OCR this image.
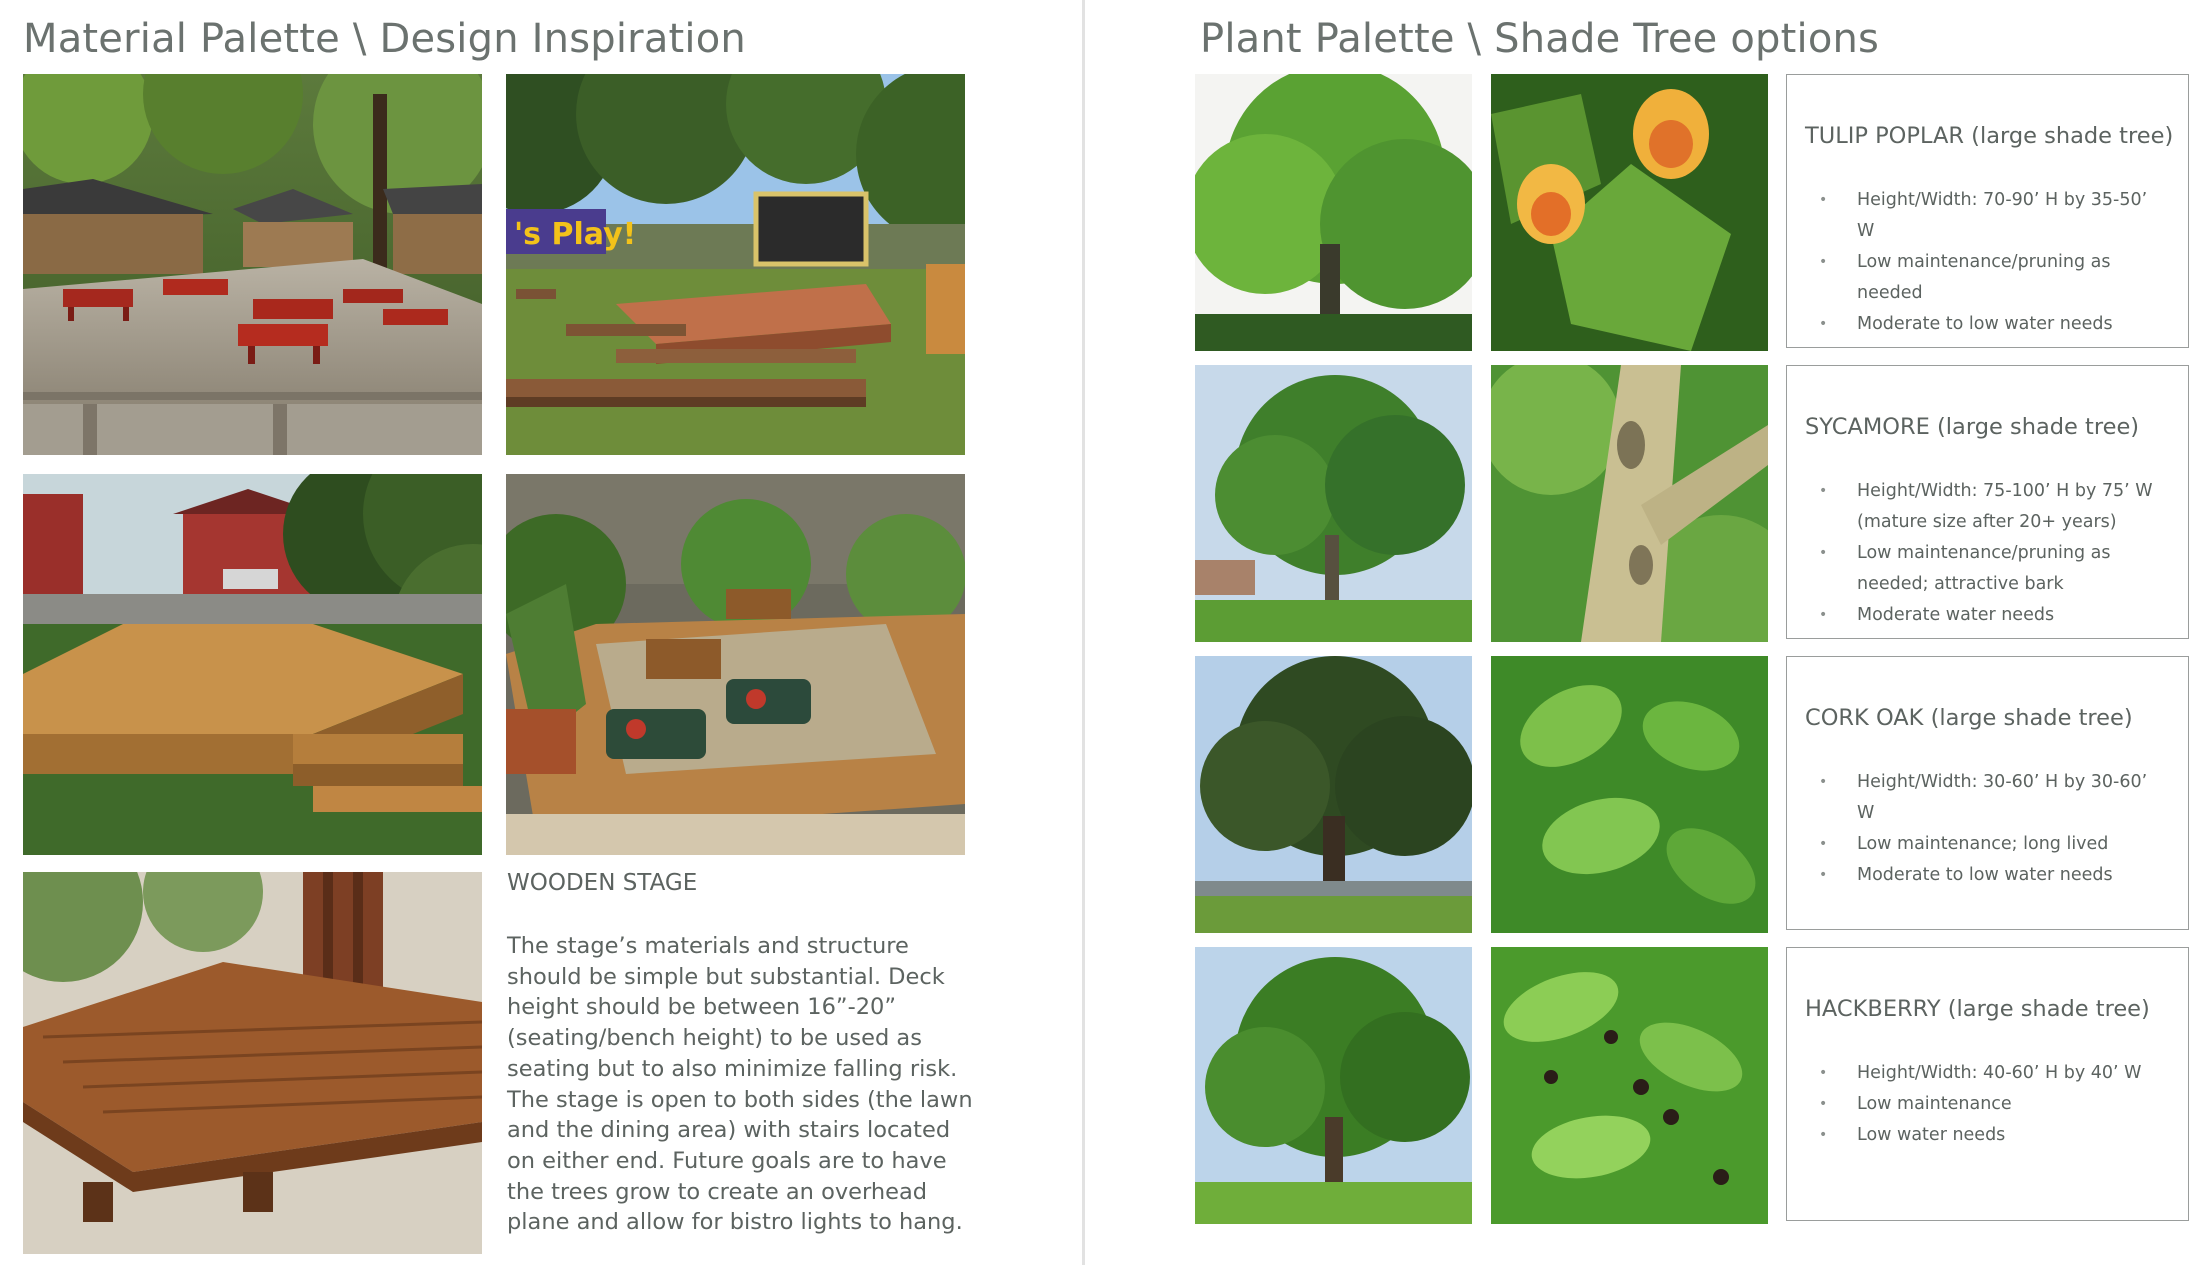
Material Palette \ Design Inspiration	Plant Palette \ Shade Tree options
's Play!
WOODEN STAGE

The stage’s materials and structure should be simple but substantial. Deck height should be between 16”-20” (seating/bench height) to be used as seating but to also minimize falling risk. The stage is open to both sides (the lawn and the dining area) with stairs located on either end. Future goals are to have the trees grow to create an overhead plane and allow for bistro lights to hang.

TULIP POPLAR (large shade tree)
• Height/Width: 70-90’ H by 35-50’ W
• Low maintenance/pruning as needed
• Moderate to low water needs
SYCAMORE (large shade tree)
• Height/Width: 75-100’ H by 75’ W (mature size after 20+ years)
• Low maintenance/pruning as needed; attractive bark
• Moderate water needs
CORK OAK (large shade tree)
• Height/Width: 30-60’ H by 30-60’ W
• Low maintenance; long lived
• Moderate to low water needs
HACKBERRY (large shade tree)
• Height/Width: 40-60’ H by 40’ W
• Low maintenance
• Low water needs
